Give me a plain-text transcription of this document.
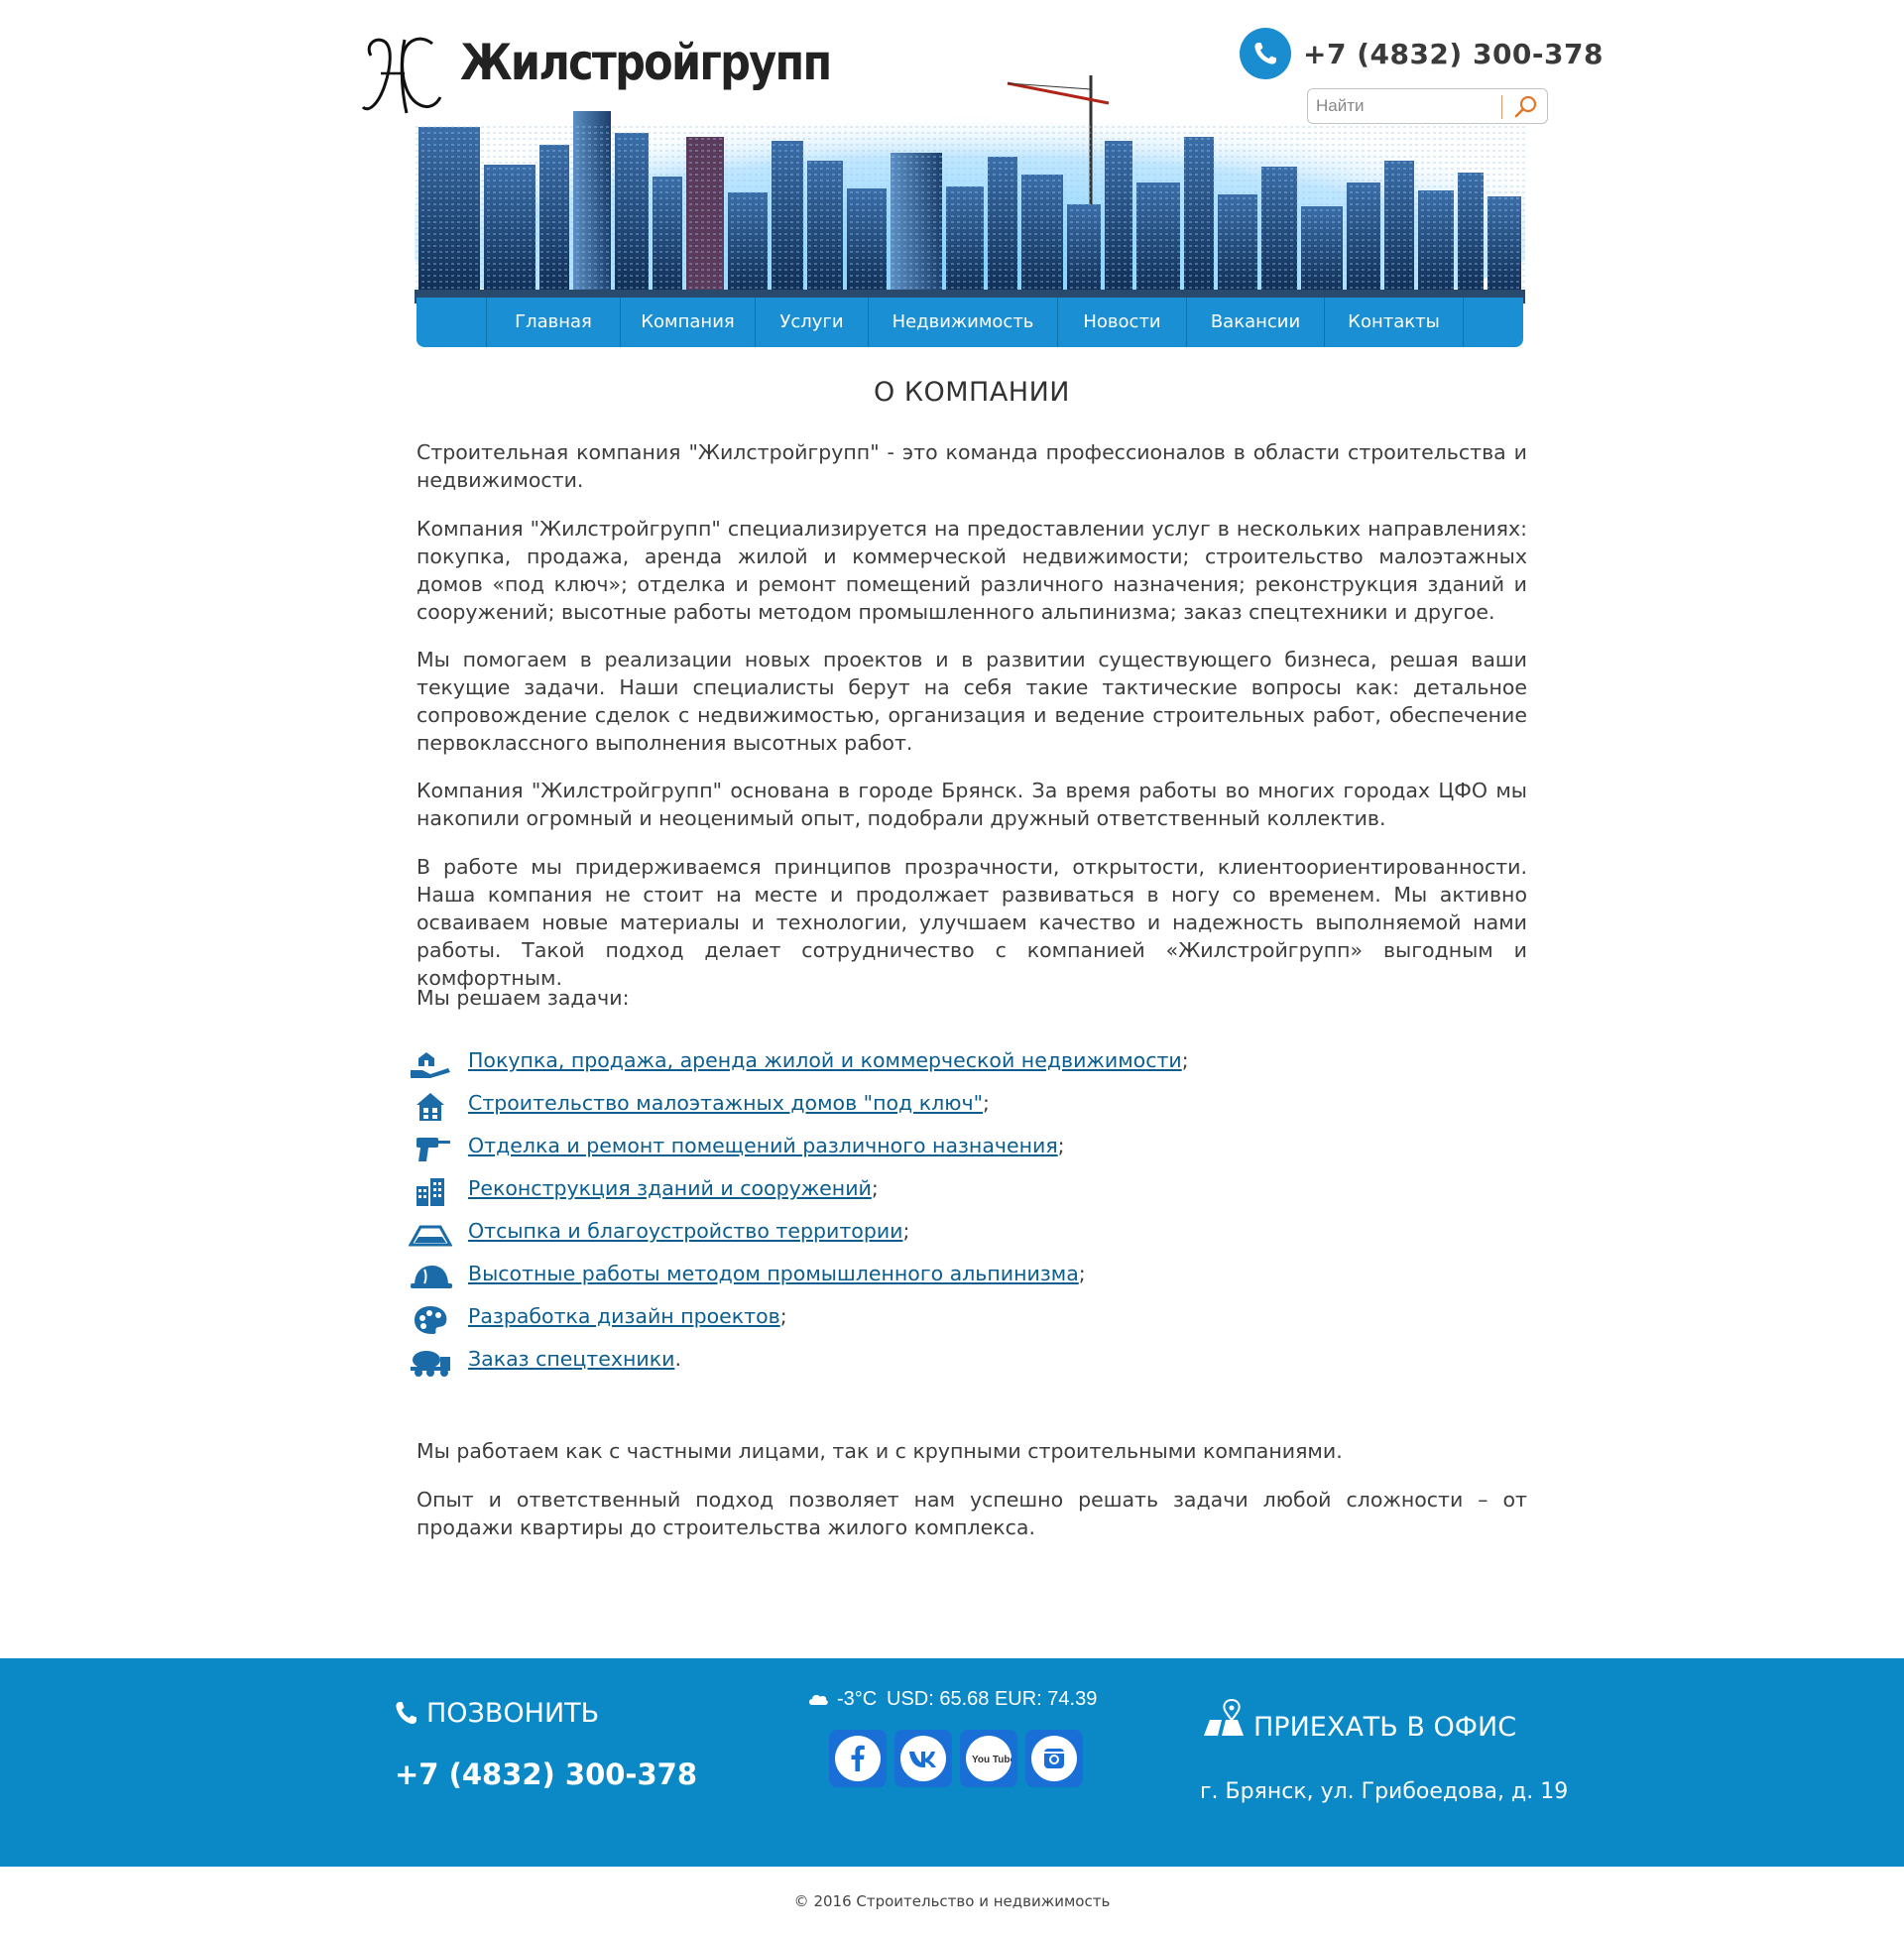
Жилстройгрупп	+7 (4832) 300-378
Найти
Главная	Компания	Услуги	Недвижимость	Новости	Вакансии	Контакты
О КОМПАНИИ

Строительная компания "Жилстройгрупп" - это команда профессионалов в области строительства и недвижимости.

Компания "Жилстройгрупп" специализируется на предоставлении услуг в нескольких направлениях: покупка, продажа, аренда жилой и коммерческой недвижимости; строительство малоэтажных домов «под ключ»; отделка и ремонт помещений различного назначения; реконструкция зданий и сооружений; высотные работы методом промышленного альпинизма; заказ спецтехники и другое.

Мы помогаем в реализации новых проектов и в развитии существующего бизнеса, решая ваши текущие задачи. Наши специалисты берут на себя такие тактические вопросы как: детальное сопровождение сделок с недвижимостью, организация и ведение строительных работ, обеспечение первоклассного выполнения высотных работ.

Компания "Жилстройгрупп" основана в городе Брянск. За время работы во многих городах ЦФО мы накопили огромный и неоценимый опыт, подобрали дружный ответственный коллектив.

В работе мы придерживаемся принципов прозрачности, открытости, клиентоориентированности. Наша компания не стоит на месте и продолжает развиваться в ногу со временем. Мы активно осваиваем новые материалы и технологии, улучшаем качество и надежность выполняемой нами работы. Такой подход делает сотрудничество с компанией «Жилстройгрупп» выгодным и комфортным.

Мы решаем задачи:

Покупка, продажа, аренда жилой и коммерческой недвижимости;
Строительство малоэтажных домов "под ключ";
Отделка и ремонт помещений различного назначения;
Реконструкция зданий и сооружений;
Отсыпка и благоустройство территории;
Высотные работы методом промышленного альпинизма;
Разработка дизайн проектов;
Заказ спецтехники.

Мы работаем как с частными лицами, так и с крупными строительными компаниями.

Опыт и ответственный подход позволяет нам успешно решать задачи любой сложности – от продажи квартиры до строительства жилого комплекса.

ПОЗВОНИТЬ
+7 (4832) 300-378
-3°C USD: 65.68 EUR: 74.39
You Tube
ПРИЕХАТЬ В ОФИС
г. Брянск, ул. Грибоедова, д. 19
© 2016 Строительство и недвижимость
